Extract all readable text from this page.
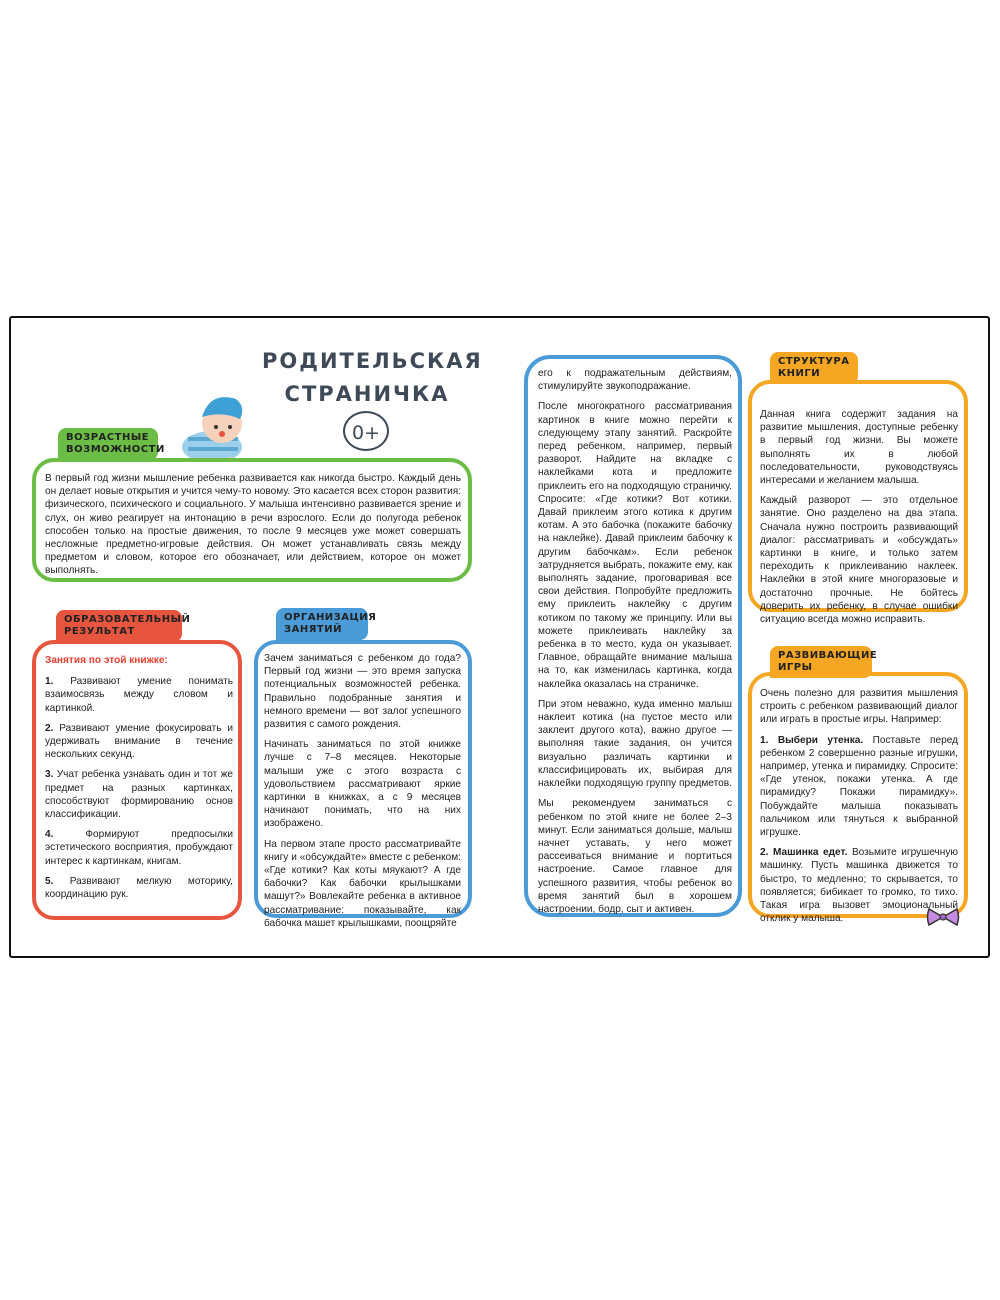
РОДИТЕЛЬСКАЯ
СТРАНИЧКА
0+
ВОЗРАСТНЫЕ
ВОЗМОЖНОСТИ
В первый год жизни мышление ребенка развивается как никогда быстро. Каждый день он делает новые открытия и учится чему-то новому. Это касается всех сторон развития: физического, психического и социального. У малыша интенсивно развивается зрение и слух, он живо реагирует на интонацию в речи взрослого. Если до полугода ребенок способен только на простые движения, то после 9 месяцев уже может совершать несложные предметно-игровые действия. Он может устанавливать связь между предметом и словом, которое его обозначает, или действием, которое он может выполнять.
ОБРАЗОВАТЕЛЬНЫЙ
РЕЗУЛЬТАТ
Занятия по этой книжке:

1. Развивают умение понимать взаимосвязь между словом и картинкой.

2. Развивают умение фокусировать и удерживать внимание в течение нескольких секунд.

3. Учат ребенка узнавать один и тот же предмет на разных картинках, способствуют формированию основ классификации.

4.	Формируют предпосылки эстетического восприятия, пробуждают интерес к картинкам, книгам.

5. Развивают мелкую моторику, координацию рук.

ОРГАНИЗАЦИЯ
ЗАНЯТИЙ

Зачем заниматься с ребенком до года? Первый год жизни — это время запуска потенциальных возможностей ребенка. Правильно подобранные занятия и немного времени — вот залог успешного развития с самого рождения.

Начинать заниматься по этой книжке лучше с 7–8 месяцев. Некоторые малыши уже с этого возраста с удовольствием рассматривают яркие картинки в книжках, а с 9 месяцев начинают понимать, что на них изображено.

На первом этапе просто рассматривайте книгу и «обсуждайте» вместе с ребенком: «Где котики? Как коты мяукают? А где бабочки? Как бабочки крылышками машут?» Вовлекайте ребенка в активное рассматривание: показывайте, как бабочка машет крылышками, поощряйте

его к подражательным действиям, стимулируйте звукоподражание.

После многократного рассматривания картинок в книге можно перейти к следующему этапу занятий. Раскройте перед ребенком, например, первый разворот. Найдите на вкладке с наклейками кота и предложите приклеить его на подходящую страничку. Спросите: «Где котики? Вот котики. Давай приклеим этого котика к другим котам. А это бабочка (покажите бабочку на наклейке). Давай приклеим бабочку к другим бабочкам». Если ребенок затрудняется выбрать, покажите ему, как выполнять задание, проговаривая все свои действия. Попробуйте предложить ему приклеить наклейку с другим котиком по такому же принципу. Или вы можете приклеивать наклейку за ребенка в то место, куда он указывает. Главное, обращайте внимание малыша на то, как изменилась картинка, когда наклейка оказалась на страничке.

При этом неважно, куда именно малыш наклеит котика (на пустое место или заклеит другого кота), важно другое — выполняя такие задания, он учится визуально различать картинки и классифицировать их, выбирая для наклейки подходящую группу предметов.

Мы рекомендуем заниматься с ребенком по этой книге не более 2–3 минут. Если заниматься дольше, малыш начнет уставать, у него может рассеиваться внимание и портиться настроение. Самое главное для успешного развития, чтобы ребенок во время занятий был в хорошем настроении, бодр, сыт и активен.

СТРУКТУРА
КНИГИ

Данная книга содержит задания на развитие мышления, доступные ребенку в первый год жизни. Вы можете выполнять их в любой последовательности, руководствуясь интересами и желанием малыша.

Каждый разворот — это отдельное занятие. Оно разделено на два этапа. Сначала нужно построить развивающий диалог: рассматривать и «обсуждать» картинки в книге, и только затем переходить к приклеиванию наклеек. Наклейки в этой книге многоразовые и достаточно прочные. Не бойтесь доверить их ребенку, в случае ошибки ситуацию всегда можно исправить.

РАЗВИВАЮЩИЕ
ИГРЫ

Очень полезно для развития мышления строить с ребенком развивающий диалог или играть в простые игры. Например:

1. Выбери утенка. Поставьте перед ребенком 2 совершенно разные игрушки, например, утенка и пирамидку. Спросите: «Где утенок, покажи утенка. А где пирамидку? Покажи пирамидку». Побуждайте малыша показывать пальчиком или тянуться к выбранной игрушке.

2. Машинка едет. Возьмите игрушечную машинку. Пусть машинка движется то быстро, то медленно; то скрывается, то появляется; бибикает то громко, то тихо. Такая игра вызовет эмоциональный отклик у малыша.
